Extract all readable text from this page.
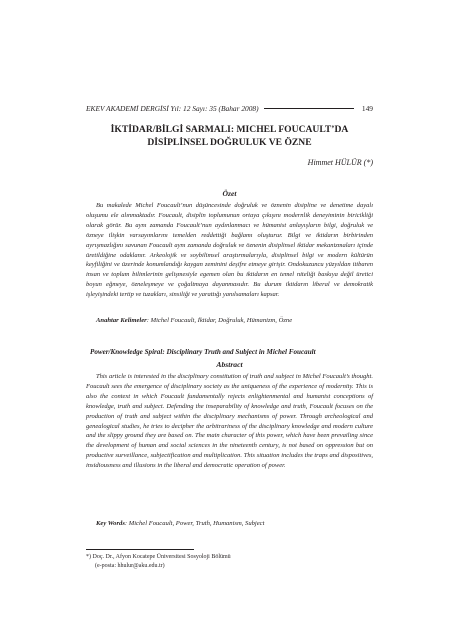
EKEV AKADEMİ DERGİSİ Yıl: 12 Sayı: 35 (Bahar 2008)	149
İKTİDAR/BİLGİ SARMALI: MICHEL FOUCAULT’DA
DİSİPLİNSEL DOĞRULUK VE ÖZNE
Himmet HÜLÜR (*)
Özet

Bu makalede Michel Foucault’nun düşüncesinde doğruluk ve öznenin disipline ve denetime dayalı oluşumu ele alınmaktadır. Foucault, disiplin toplumunun ortaya çıkışını modernlik deneyiminin biricikliği olarak görür. Bu aynı zamanda Foucault’nun aydınlanmacı ve hümanist anlayışların bilgi, doğruluk ve özneye ilişkin varsayımlarını temelden reddettiği bağlamı oluşturur. Bilgi ve iktidarın birbirinden ayrışmazlığını savunan Foucault aynı zamanda doğruluk ve öznenin disiplinsel iktidar mekanizmaları içinde üretildiğine odaklanır. Arkeolojik ve soybilimsel araştırmalarıyla, disiplinsel bilgi ve modern kültürün keyfiliğini ve üzerinde konumlandığı kaygan zeminini deşifre etmeye girişir. Ondokuzuncu yüzyıldan itibaren insan ve toplum bilimlerinin gelişmesiyle egemen olan bu iktidarın en temel niteliği baskıya değil üretici boyun eğmeye, özneleşmeye ve çoğaltmaya dayanmasıdır. Bu durum iktidarın liberal ve demokratik işleyişindeki tertip ve tuzakları, sinsiliği ve yarattığı yanılsamaları kapsar.

Anahtar Kelimeler: Michel Foucault, İktidar, Doğruluk, Hümanizm, Özne
Power/Knowledge Spiral: Disciplinary Truth and Subject in Michel Foucault
Abstract

This article is interested in the disciplinary constitution of truth and subject in Michel Foucault’s thought. Foucault sees the emergence of disciplinary society as the uniqueness of the experience of modernity. This is also the context in which Foucault fundamentally rejects enlightenmental and humanist conceptions of knowledge, truth and subject. Defending the inseparability of knowledge and truth, Foucault focuses on the production of truth and subject within the disciplinary mechanisms of power. Through archeological and genealogical studies, he tries to decipher the arbitrariness of the disciplinary knowledge and modern culture and the slippy ground they are based on. The main character of this power, which have been prevailing since the development of human and social sciences in the nineteenth century, is not based on oppression but on productive surveillance, subjectification and multiplication. This situation includes the traps and dispositives, insidiousness and illusions in the liberal and democratic operation of power.

Key Words: Michel Foucault, Power, Truth, Humanism, Subject
*) Doç. Dr., Afyon Kocatepe Üniversitesi Sosyoloji Bölümü
(e-posta: hhulur@aku.edu.tr)
